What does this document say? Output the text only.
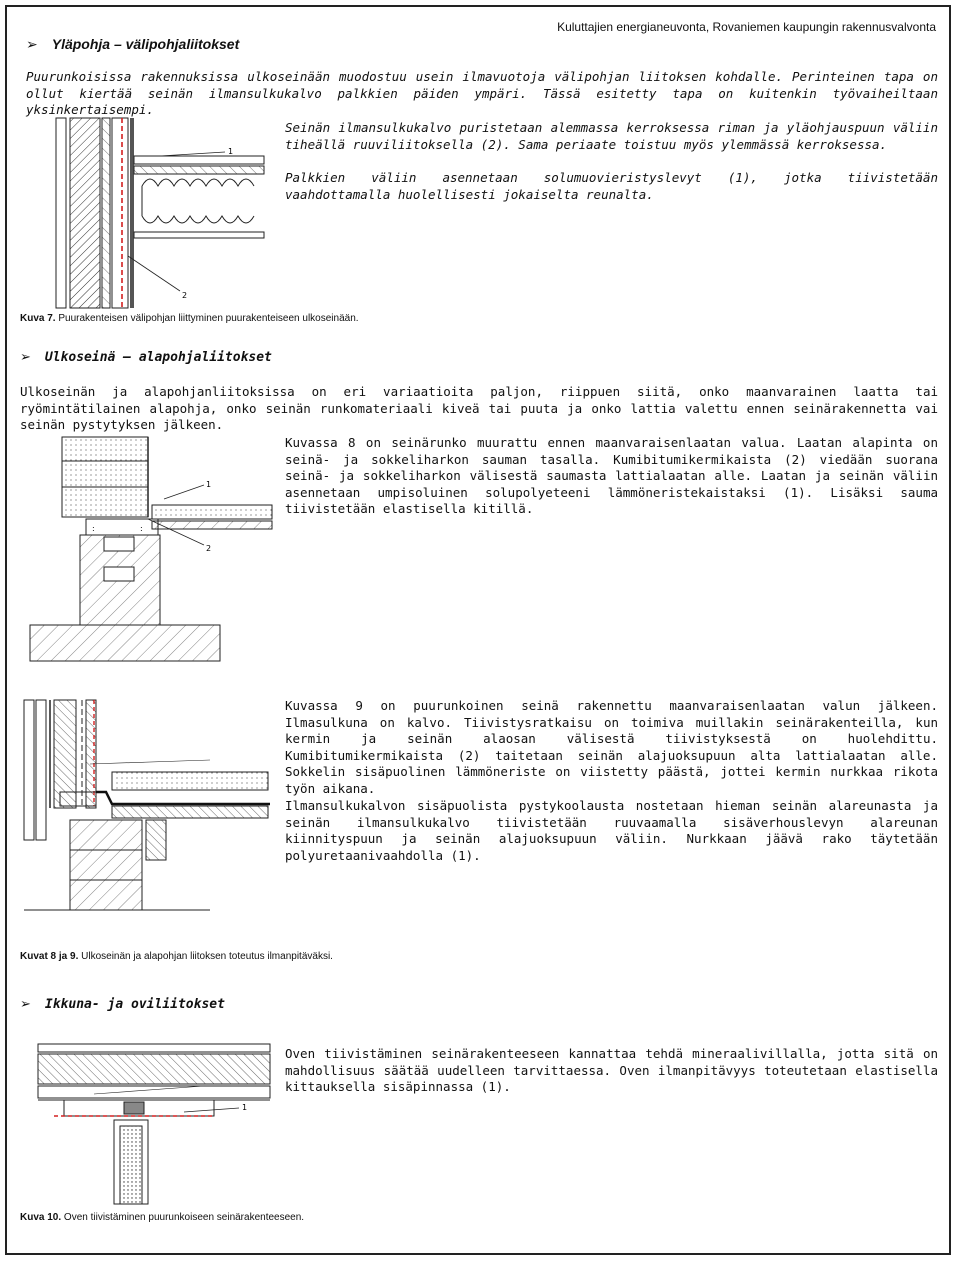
➢ Yläpohja – välipohjaliitokset
Kuluttajien energianeuvonta, Rovaniemen kaupungin rakennusvalvonta
Puurunkoisissa rakennuksissa ulkoseinään muodostuu usein ilmavuotoja välipohjan liitoksen kohdalle. Perinteinen tapa on ollut kiertää seinän ilmansulkukalvo palkkien päiden ympäri. Tässä esitetty tapa on kuitenkin työvaiheiltaan yksinkertaisempi.
1
2
Seinän ilmansulkukalvo puristetaan alemmassa kerroksessa riman ja yläohjauspuun väliin tiheällä ruuviliitoksella (2). Sama periaate toistuu myös ylemmässä kerroksessa.
Palkkien väliin asennetaan solumuovieristyslevyt (1), jotka tiivistetään vaahdottamalla huolellisesti jokaiselta reunalta.
Kuva 7. Puurakenteisen välipohjan liittyminen puurakenteiseen ulkoseinään.
➢ Ulkoseinä – alapohjaliitokset
Ulkoseinän ja alapohjanliitoksissa on eri variaatioita paljon, riippuen siitä, onko maanvarainen laatta tai ryömintätilainen alapohja, onko seinän runkomateriaali kiveä tai puuta ja onko lattia valettu ennen seinärakennetta vai seinän pystytyksen jälkeen.
:	:
1
2
Kuvassa 8 on seinärunko muurattu ennen maanvaraisenlaatan valua. Laatan alapinta on seinä- ja sokkeliharkon sauman tasalla. Kumibitumikermikaista (2) viedään suorana seinä- ja sokkeliharkon välisestä saumasta lattialaatan alle. Laatan ja seinän väliin asennetaan umpisoluinen solupolyeteeni lämmöneristekaistaksi (1). Lisäksi sauma tiivistetään elastisella kitillä.
Kuvassa 9 on puurunkoinen seinä rakennettu maanvaraisenlaatan valun jälkeen. Ilmasulkuna on kalvo. Tiivistysratkaisu on toimiva muillakin seinärakenteilla, kun kermin ja seinän alaosan välisestä tiivistyksestä on huolehdittu. Kumibitumikermikaista (2) taitetaan seinän alajuoksupuun alta lattialaatan alle. Sokkelin sisäpuolinen lämmöneriste on viistetty päästä, jottei kermin nurkkaa rikota työn aikana.
Ilmansulkukalvon sisäpuolista pystykoolausta nostetaan hieman seinän alareunasta ja seinän ilmansulkukalvo tiivistetään ruuvaamalla sisäverhouslevyn alareunan kiinnityspuun ja seinän alajuoksupuun väliin. Nurkkaan jäävä rako täytetään polyuretaanivaahdolla (1).
Kuvat 8 ja 9. Ulkoseinän ja alapohjan liitoksen toteutus ilmanpitäväksi.
➢ Ikkuna- ja oviliitokset
1
Oven tiivistäminen seinärakenteeseen kannattaa tehdä mineraalivillalla, jotta sitä on mahdollisuus säätää uudelleen tarvittaessa. Oven ilmanpitävyys toteutetaan elastisella kittauksella sisäpinnassa (1).
Kuva 10. Oven tiivistäminen puurunkoiseen seinärakenteeseen.
